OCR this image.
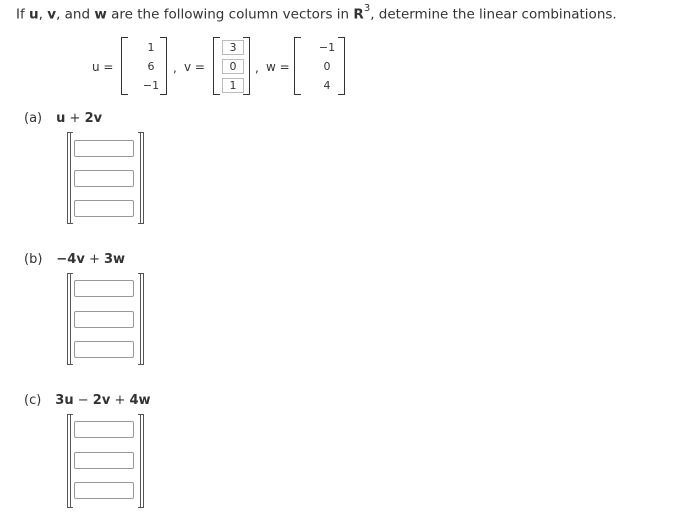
If u, v, and w are the following column vectors in $R^3$, determine the linear combinations.
u =
1
6
−1
, v =
3
0
1
, w =
−1
0
4
(a) u + 2v
(b) −4v + 3w
(c) 3u − 2v + 4w
